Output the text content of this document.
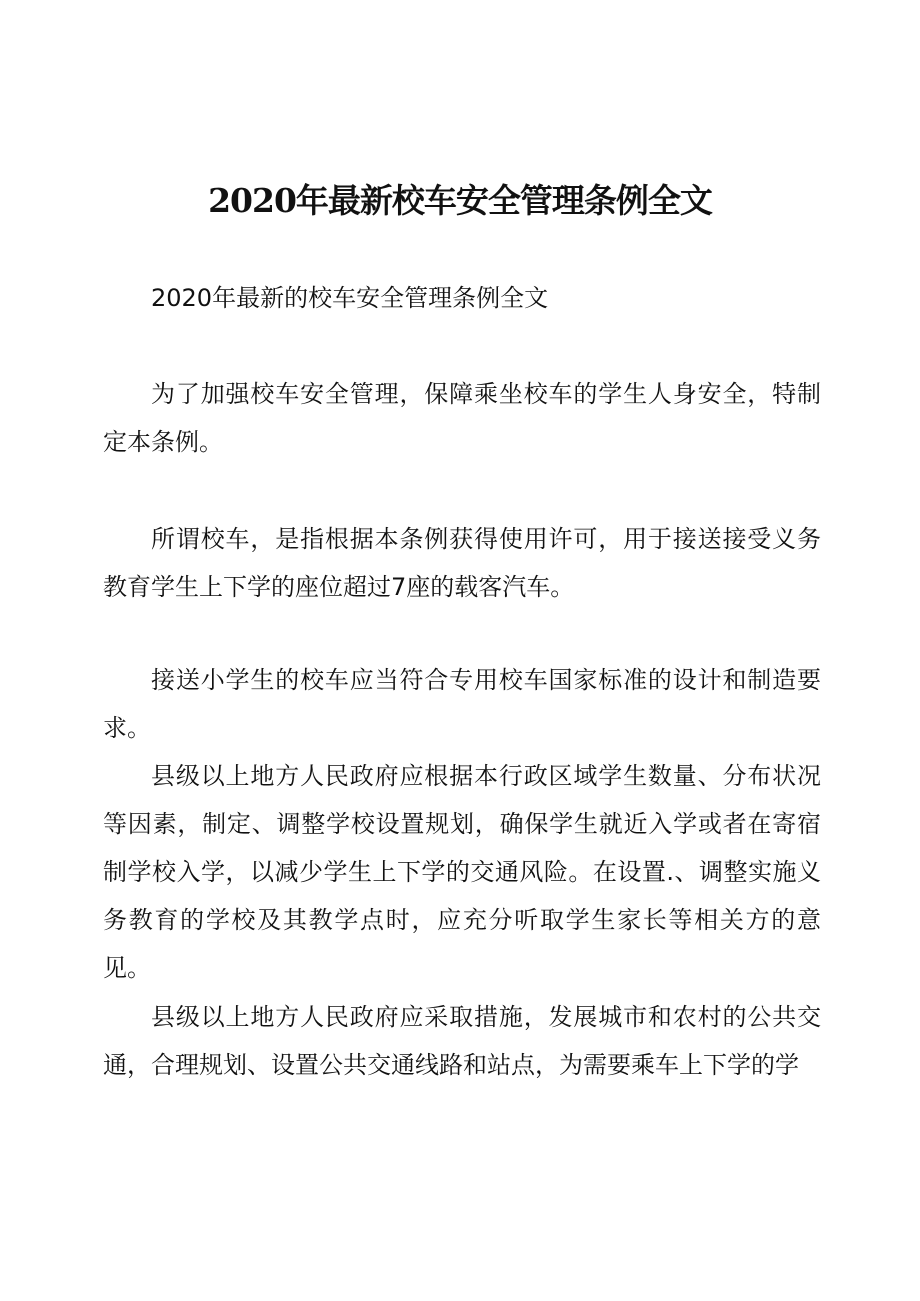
2020年最新校车安全管理条例全文

2020年最新的校车安全管理条例全文

为了加强校车安全管理，保障乘坐校车的学生人身安全，特制定本条例。

所谓校车，是指根据本条例获得使用许可，用于接送接受义务教育学生上下学的座位超过7座的载客汽车。

接送小学生的校车应当符合专用校车国家标准的设计和制造要求。

县级以上地方人民政府应根据本行政区域学生数量、分布状况等因素，制定、调整学校设置规划，确保学生就近入学或者在寄宿制学校入学，以减少学生上下学的交通风险。在设置.、调整实施义务教育的学校及其教学点时，应充分听取学生家长等相关方的意见。

县级以上地方人民政府应采取措施，发展城市和农村的公共交通，合理规划、设置公共交通线路和站点，为需要乘车上下学的学
